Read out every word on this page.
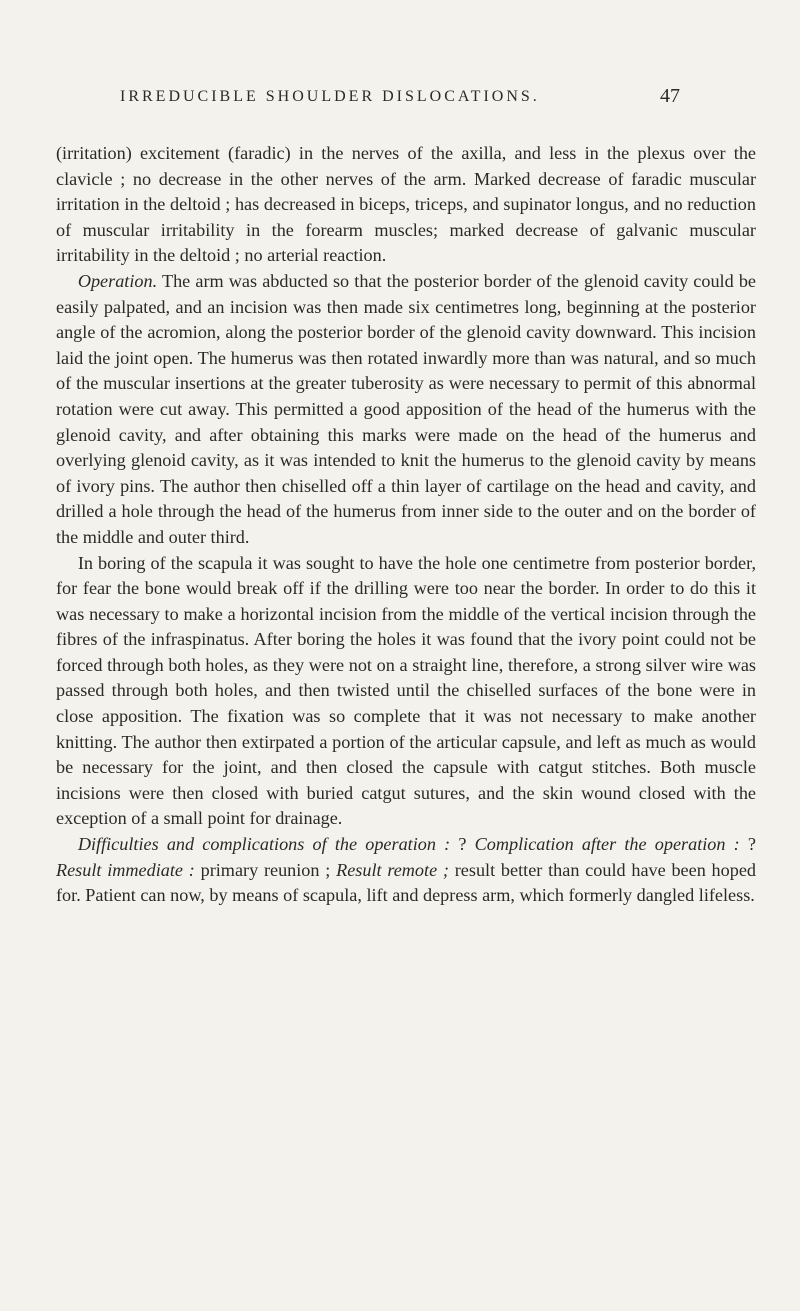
IRREDUCIBLE SHOULDER DISLOCATIONS.	47

(irritation) excitement (faradic) in the nerves of the axilla, and less in the plexus over the clavicle ; no decrease in the other nerves of the arm. Marked decrease of faradic muscular irritation in the deltoid ; has decreased in biceps, triceps, and supinator longus, and no reduction of muscular irritability in the forearm muscles; marked decrease of galvanic muscular irritability in the deltoid ; no arterial reaction.

Operation. The arm was abducted so that the posterior border of the glenoid cavity could be easily palpated, and an incision was then made six centimetres long, beginning at the posterior angle of the acromion, along the posterior border of the glenoid cavity downward. This incision laid the joint open. The humerus was then rotated inwardly more than was natural, and so much of the muscular insertions at the greater tuberosity as were necessary to permit of this abnormal rotation were cut away. This permitted a good apposition of the head of the humerus with the glenoid cavity, and after obtaining this marks were made on the head of the humerus and overlying glenoid cavity, as it was intended to knit the humerus to the glenoid cavity by means of ivory pins. The author then chiselled off a thin layer of cartilage on the head and cavity, and drilled a hole through the head of the humerus from inner side to the outer and on the border of the middle and outer third.

In boring of the scapula it was sought to have the hole one centimetre from posterior border, for fear the bone would break off if the drilling were too near the border. In order to do this it was necessary to make a horizontal incision from the middle of the vertical incision through the fibres of the infraspinatus. After boring the holes it was found that the ivory point could not be forced through both holes, as they were not on a straight line, therefore, a strong silver wire was passed through both holes, and then twisted until the chiselled surfaces of the bone were in close apposition. The fixation was so complete that it was not necessary to make another knitting. The author then extirpated a portion of the articular capsule, and left as much as would be necessary for the joint, and then closed the capsule with catgut stitches. Both muscle incisions were then closed with buried catgut sutures, and the skin wound closed with the exception of a small point for drainage.

Difficulties and complications of the operation : ? Complication after the operation : ? Result immediate : primary reunion ; Result remote ; result better than could have been hoped for. Patient can now, by means of scapula, lift and depress arm, which formerly dangled lifeless.
